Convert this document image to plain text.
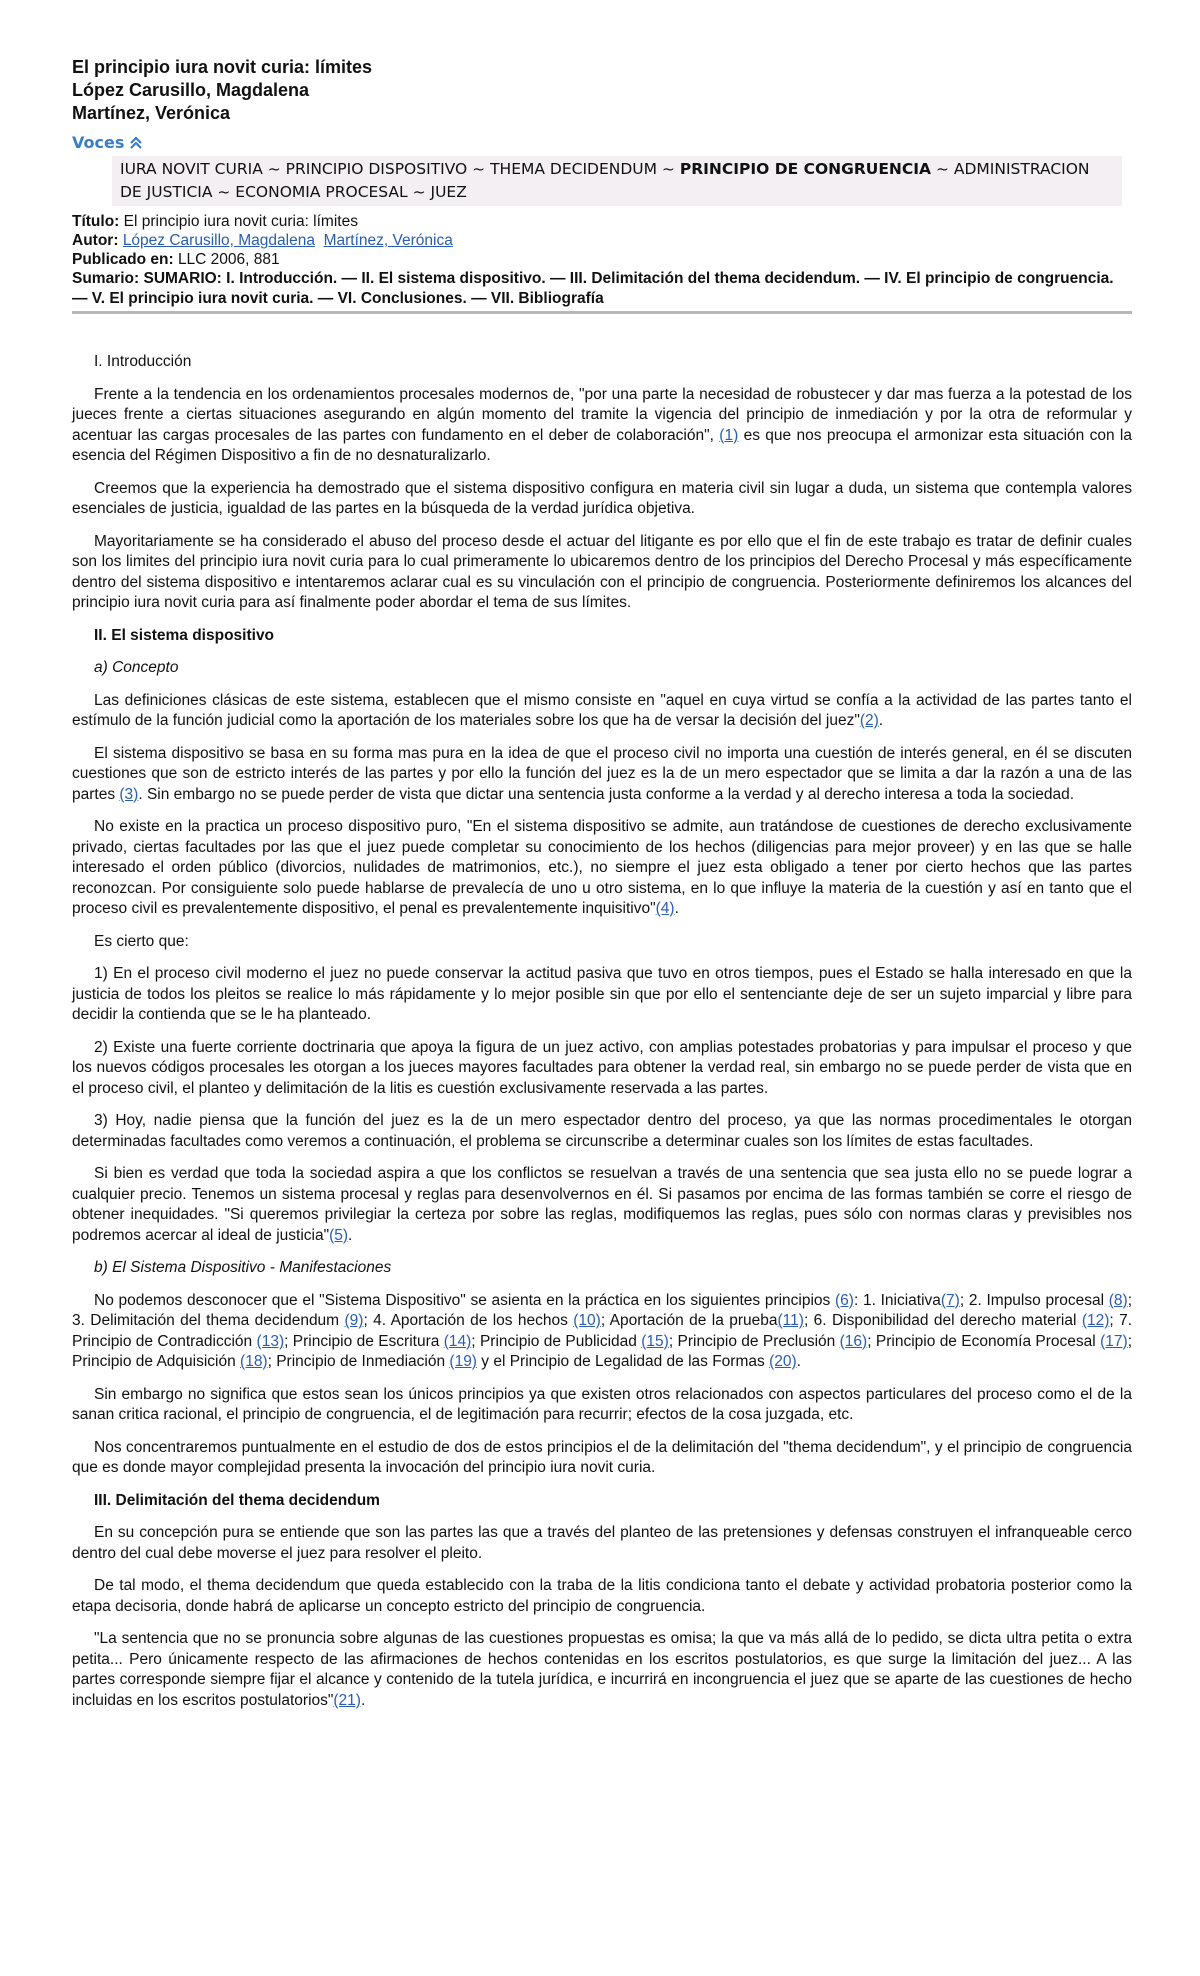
El principio iura novit curia: límites
López Carusillo, Magdalena
Martínez, Verónica
Voces
IURA NOVIT CURIA ~ PRINCIPIO DISPOSITIVO ~ THEMA DECIDENDUM ~ PRINCIPIO DE CONGRUENCIA ~ ADMINISTRACION DE JUSTICIA ~ ECONOMIA PROCESAL ~ JUEZ
Título: El principio iura novit curia: límites
Autor: López Carusillo, Magdalena Martínez, Verónica
Publicado en: LLC 2006, 881
Sumario: SUMARIO: I. Introducción. — II. El sistema dispositivo. — III. Delimitación del thema decidendum. — IV. El principio de congruencia. — V. El principio iura novit curia. — VI. Conclusiones. — VII. Bibliografía

I. Introducción

Frente a la tendencia en los ordenamientos procesales modernos de, "por una parte la necesidad de robustecer y dar mas fuerza a la potestad de los jueces frente a ciertas situaciones asegurando en algún momento del tramite la vigencia del principio de inmediación y por la otra de reformular y acentuar las cargas procesales de las partes con fundamento en el deber de colaboración", (1) es que nos preocupa el armonizar esta situación con la esencia del Régimen Dispositivo a fin de no desnaturalizarlo.

Creemos que la experiencia ha demostrado que el sistema dispositivo configura en materia civil sin lugar a duda, un sistema que contempla valores esenciales de justicia, igualdad de las partes en la búsqueda de la verdad jurídica objetiva.

Mayoritariamente se ha considerado el abuso del proceso desde el actuar del litigante es por ello que el fin de este trabajo es tratar de definir cuales son los limites del principio iura novit curia para lo cual primeramente lo ubicaremos dentro de los principios del Derecho Procesal y más específicamente dentro del sistema dispositivo e intentaremos aclarar cual es su vinculación con el principio de congruencia. Posteriormente definiremos los alcances del principio iura novit curia para así finalmente poder abordar el tema de sus límites.

II. El sistema dispositivo

a) Concepto

Las definiciones clásicas de este sistema, establecen que el mismo consiste en "aquel en cuya virtud se confía a la actividad de las partes tanto el estímulo de la función judicial como la aportación de los materiales sobre los que ha de versar la decisión del juez"(2).

El sistema dispositivo se basa en su forma mas pura en la idea de que el proceso civil no importa una cuestión de interés general, en él se discuten cuestiones que son de estricto interés de las partes y por ello la función del juez es la de un mero espectador que se limita a dar la razón a una de las partes (3). Sin embargo no se puede perder de vista que dictar una sentencia justa conforme a la verdad y al derecho interesa a toda la sociedad.

No existe en la practica un proceso dispositivo puro, "En el sistema dispositivo se admite, aun tratándose de cuestiones de derecho exclusivamente privado, ciertas facultades por las que el juez puede completar su conocimiento de los hechos (diligencias para mejor proveer) y en las que se halle interesado el orden público (divorcios, nulidades de matrimonios, etc.), no siempre el juez esta obligado a tener por cierto hechos que las partes reconozcan. Por consiguiente solo puede hablarse de prevalecía de uno u otro sistema, en lo que influye la materia de la cuestión y así en tanto que el proceso civil es prevalentemente dispositivo, el penal es prevalentemente inquisitivo"(4).

Es cierto que:

1) En el proceso civil moderno el juez no puede conservar la actitud pasiva que tuvo en otros tiempos, pues el Estado se halla interesado en que la justicia de todos los pleitos se realice lo más rápidamente y lo mejor posible sin que por ello el sentenciante deje de ser un sujeto imparcial y libre para decidir la contienda que se le ha planteado.

2) Existe una fuerte corriente doctrinaria que apoya la figura de un juez activo, con amplias potestades probatorias y para impulsar el proceso y que los nuevos códigos procesales les otorgan a los jueces mayores facultades para obtener la verdad real, sin embargo no se puede perder de vista que en el proceso civil, el planteo y delimitación de la litis es cuestión exclusivamente reservada a las partes.

3) Hoy, nadie piensa que la función del juez es la de un mero espectador dentro del proceso, ya que las normas procedimentales le otorgan determinadas facultades como veremos a continuación, el problema se circunscribe a determinar cuales son los límites de estas facultades.

Si bien es verdad que toda la sociedad aspira a que los conflictos se resuelvan a través de una sentencia que sea justa ello no se puede lograr a cualquier precio. Tenemos un sistema procesal y reglas para desenvolvernos en él. Si pasamos por encima de las formas también se corre el riesgo de obtener inequidades. "Si queremos privilegiar la certeza por sobre las reglas, modifiquemos las reglas, pues sólo con normas claras y previsibles nos podremos acercar al ideal de justicia"(5).

b) El Sistema Dispositivo - Manifestaciones

No podemos desconocer que el "Sistema Dispositivo" se asienta en la práctica en los siguientes principios (6): 1. Iniciativa(7); 2. Impulso procesal (8); 3. Delimitación del thema decidendum (9); 4. Aportación de los hechos (10); Aportación de la prueba(11); 6. Disponibilidad del derecho material (12); 7. Principio de Contradicción (13); Principio de Escritura (14); Principio de Publicidad (15); Principio de Preclusión (16); Principio de Economía Procesal (17); Principio de Adquisición (18); Principio de Inmediación (19) y el Principio de Legalidad de las Formas (20).

Sin embargo no significa que estos sean los únicos principios ya que existen otros relacionados con aspectos particulares del proceso como el de la sanan critica racional, el principio de congruencia, el de legitimación para recurrir; efectos de la cosa juzgada, etc.

Nos concentraremos puntualmente en el estudio de dos de estos principios el de la delimitación del "thema decidendum", y el principio de congruencia que es donde mayor complejidad presenta la invocación del principio iura novit curia.

III. Delimitación del thema decidendum

En su concepción pura se entiende que son las partes las que a través del planteo de las pretensiones y defensas construyen el infranqueable cerco dentro del cual debe moverse el juez para resolver el pleito.

De tal modo, el thema decidendum que queda establecido con la traba de la litis condiciona tanto el debate y actividad probatoria posterior como la etapa decisoria, donde habrá de aplicarse un concepto estricto del principio de congruencia.

"La sentencia que no se pronuncia sobre algunas de las cuestiones propuestas es omisa; la que va más allá de lo pedido, se dicta ultra petita o extra petita... Pero únicamente respecto de las afirmaciones de hechos contenidas en los escritos postulatorios, es que surge la limitación del juez... A las partes corresponde siempre fijar el alcance y contenido de la tutela jurídica, e incurrirá en incongruencia el juez que se aparte de las cuestiones de hecho incluidas en los escritos postulatorios"(21).
